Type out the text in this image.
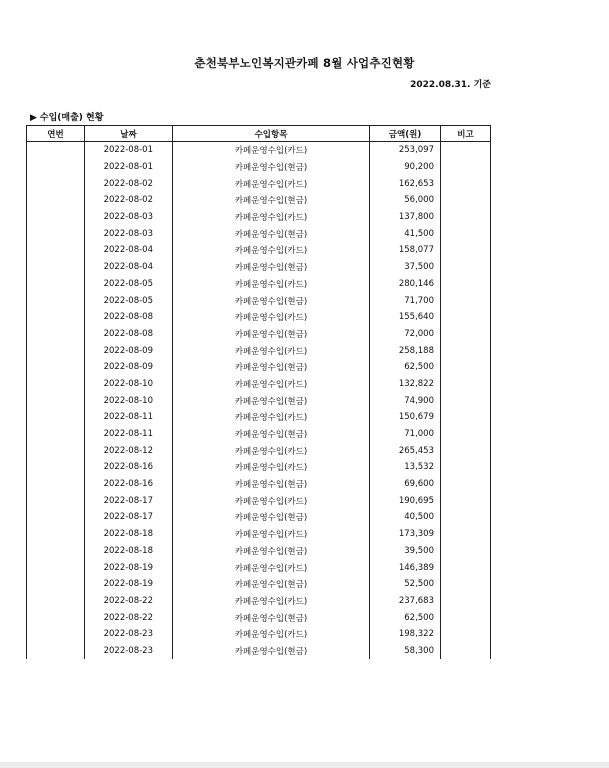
춘천북부노인복지관카페 8월 사업추진현황
2022.08.31. 기준
▶ 수입(매출) 현황
연번	날짜	수입항목	금액(원)	비고
	2022-08-01	카페운영수입(카드)	253,097	
	2022-08-01	카페운영수입(현금)	90,200	
	2022-08-02	카페운영수입(카드)	162,653	
	2022-08-02	카페운영수입(현금)	56,000	
	2022-08-03	카페운영수입(카드)	137,800	
	2022-08-03	카페운영수입(현금)	41,500	
	2022-08-04	카페운영수입(카드)	158,077	
	2022-08-04	카페운영수입(현금)	37,500	
	2022-08-05	카페운영수입(카드)	280,146	
	2022-08-05	카페운영수입(현금)	71,700	
	2022-08-08	카페운영수입(카드)	155,640	
	2022-08-08	카페운영수입(현금)	72,000	
	2022-08-09	카페운영수입(카드)	258,188	
	2022-08-09	카페운영수입(현금)	62,500	
	2022-08-10	카페운영수입(카드)	132,822	
	2022-08-10	카페운영수입(현금)	74,900	
	2022-08-11	카페운영수입(카드)	150,679	
	2022-08-11	카페운영수입(현금)	71,000	
	2022-08-12	카페운영수입(카드)	265,453	
	2022-08-16	카페운영수입(카드)	13,532	
	2022-08-16	카페운영수입(현금)	69,600	
	2022-08-17	카페운영수입(카드)	190,695	
	2022-08-17	카페운영수입(현금)	40,500	
	2022-08-18	카페운영수입(카드)	173,309	
	2022-08-18	카페운영수입(현금)	39,500	
	2022-08-19	카페운영수입(카드)	146,389	
	2022-08-19	카페운영수입(현금)	52,500	
	2022-08-22	카페운영수입(카드)	237,683	
	2022-08-22	카페운영수입(현금)	62,500	
	2022-08-23	카페운영수입(카드)	198,322	
	2022-08-23	카페운영수입(현금)	58,300	
